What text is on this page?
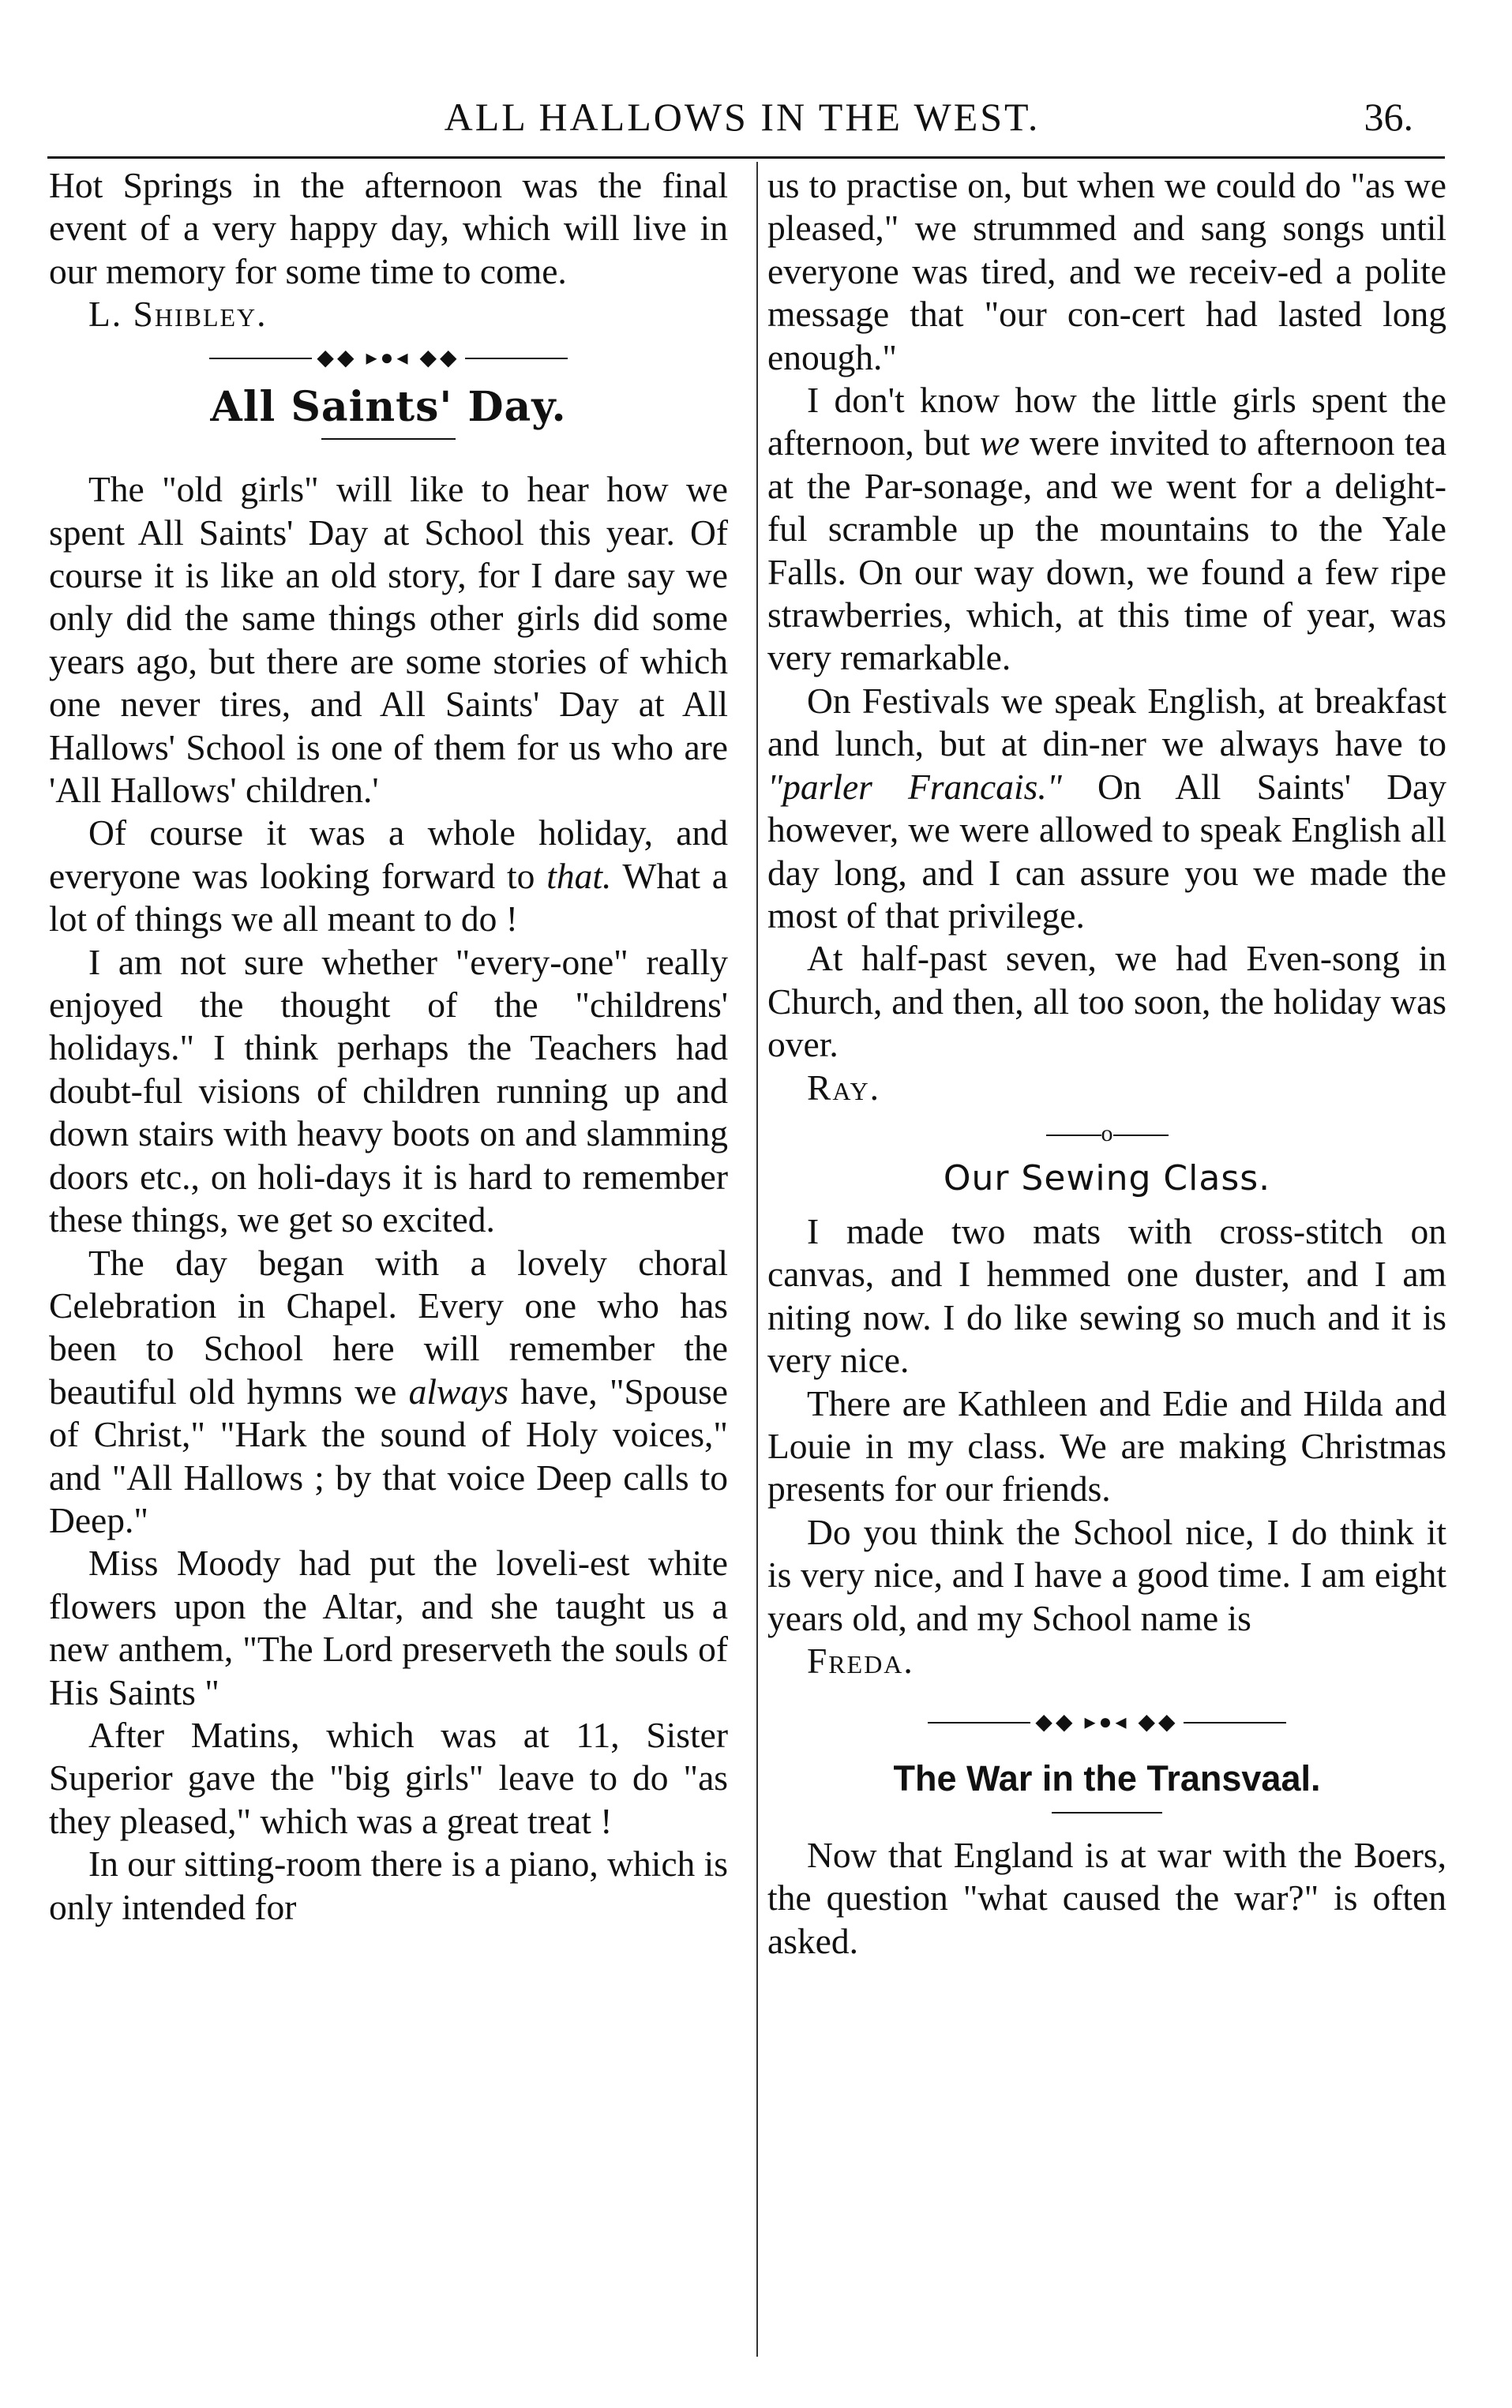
ALL HALLOWS IN THE WEST.	36.

Hot Springs in the afternoon was the final event of a very happy day, which will live in our memory for some time to come.

L. Shibley.

◆◆ ▸●◂ ◆◆
All Saints' Day.

The "old girls" will like to hear how we spent All Saints' Day at School this year. Of course it is like an old story, for I dare say we only did the same things other girls did some years ago, but there are some stories of which one never tires, and All Saints' Day at All Hallows' School is one of them for us who are 'All Hallows' children.'

Of course it was a whole holiday, and everyone was looking forward to that. What a lot of things we all meant to do !

I am not sure whether "every-one" really enjoyed the thought of the "childrens' holidays." I think perhaps the Teachers had doubt-ful visions of children running up and down stairs with heavy boots on and slamming doors etc., on holi-days it is hard to remember these things, we get so excited.

The day began with a lovely choral Celebration in Chapel. Every one who has been to School here will remember the beautiful old hymns we always have, "Spouse of Christ," "Hark the sound of Holy voices," and "All Hallows ; by that voice Deep calls to Deep."

Miss Moody had put the loveli-est white flowers upon the Altar, and she taught us a new anthem, "The Lord preserveth the souls of His Saints "

After Matins, which was at 11, Sister Superior gave the "big girls" leave to do "as they pleased," which was a great treat !

In our sitting-room there is a piano, which is only intended for

us to practise on, but when we could do "as we pleased," we strummed and sang songs until everyone was tired, and we receiv-ed a polite message that "our con-cert had lasted long enough."

I don't know how the little girls spent the afternoon, but we were invited to afternoon tea at the Par-sonage, and we went for a delight-ful scramble up the mountains to the Yale Falls. On our way down, we found a few ripe strawberries, which, at this time of year, was very remarkable.

On Festivals we speak English, at breakfast and lunch, but at din-ner we always have to "parler Francais." On All Saints' Day however, we were allowed to speak English all day long, and I can assure you we made the most of that privilege.

At half-past seven, we had Even-song in Church, and then, all too soon, the holiday was over.

Ray.

o
Our Sewing Class.

I made two mats with cross-stitch on canvas, and I hemmed one duster, and I am niting now. I do like sewing so much and it is very nice.

There are Kathleen and Edie and Hilda and Louie in my class. We are making Christmas presents for our friends.

Do you think the School nice, I do think it is very nice, and I have a good time. I am eight years old, and my School name is

Freda.

◆◆ ▸●◂ ◆◆
The War in the Transvaal.

Now that England is at war with the Boers, the question "what caused the war?" is often asked.
